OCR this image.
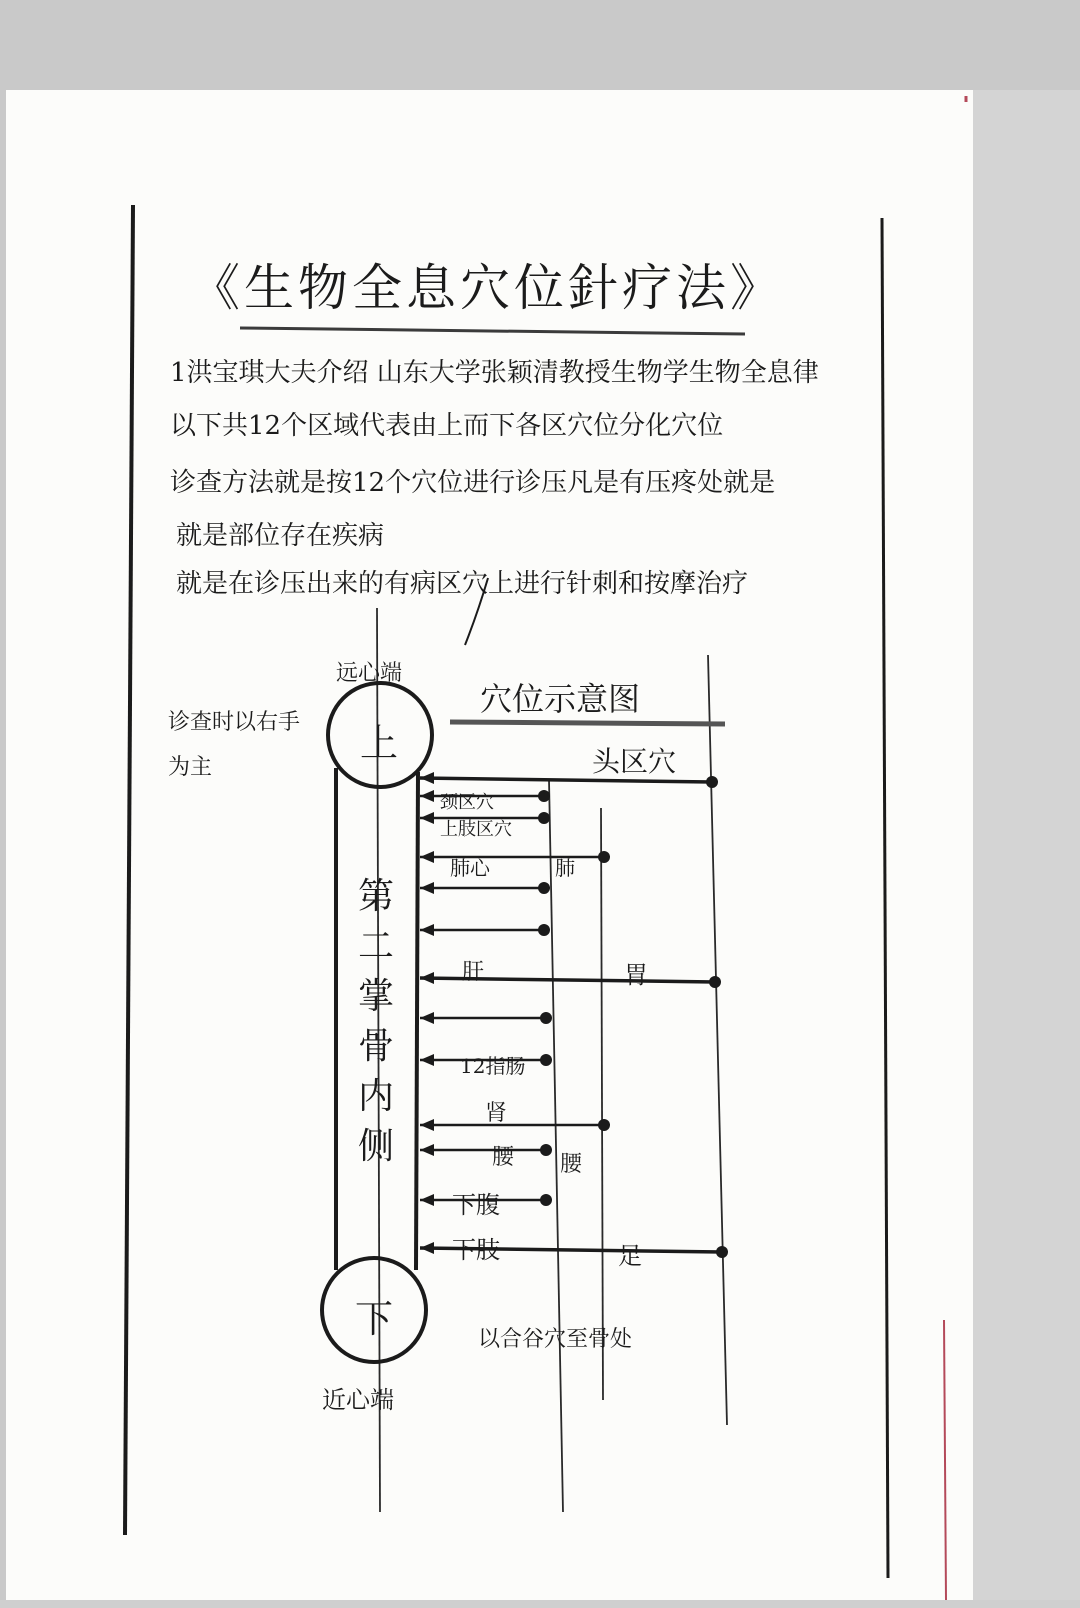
《生物全息穴位針疗法》
1洪宝琪大夫介绍 山东大学张颖清教授生物学生物全息律
以下共12个区域代表由上而下各区穴位分化穴位
诊查方法就是按12个穴位进行诊压凡是有压疼处就是
就是部位存在疾病
就是在诊压出来的有病区穴上进行针刺和按摩治疗
远心端
穴位示意图
诊查时以右手
为主
上
下
近心端
以合谷穴至骨处
第
二
掌
骨
内
侧
头区穴
颈区穴
上肢区穴
肺心	肺
肝	胃
12指肠
肾
腰 腰
下腹
下肢	足
